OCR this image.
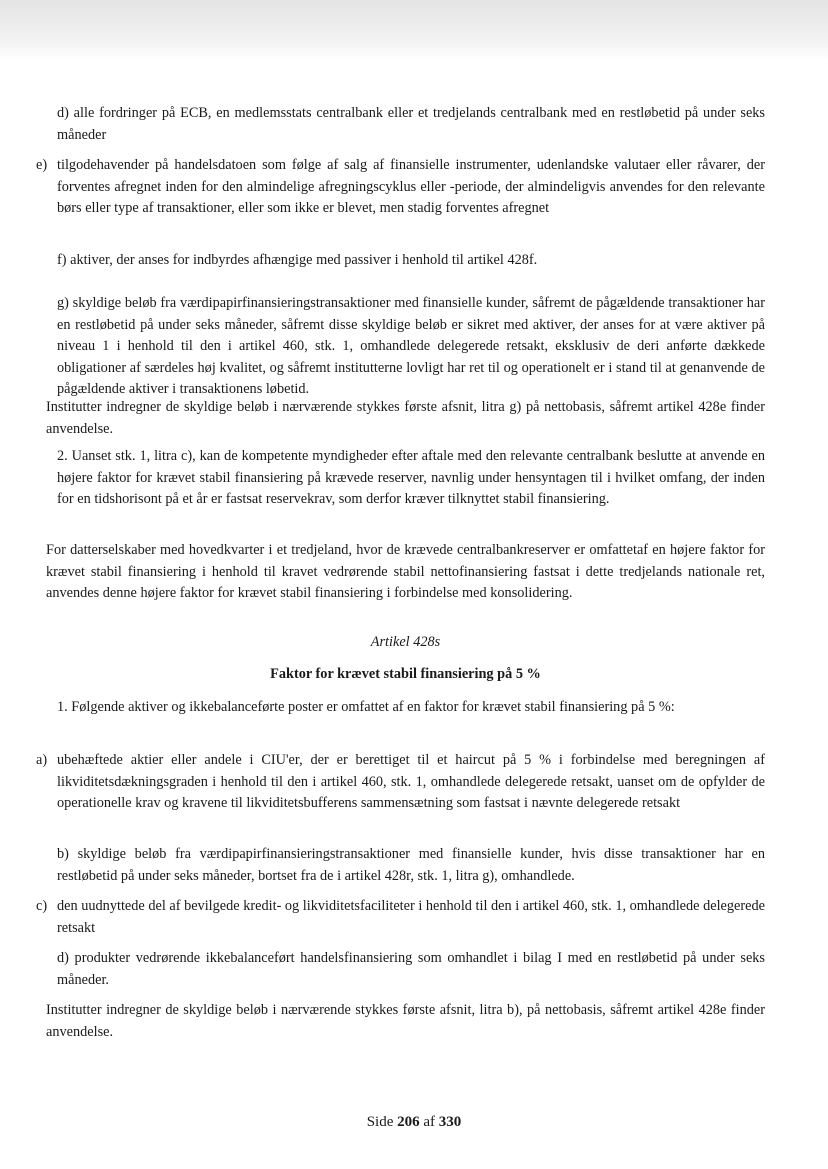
d) alle fordringer på ECB, en medlemsstats centralbank eller et tredjelands centralbank med en restløbetid på under seks måneder

e) tilgodehavender på handelsdatoen som følge af salg af finansielle instrumenter, udenlandske valutaer eller råvarer, der forventes afregnet inden for den almindelige afregningscyklus eller -periode, der almindeligvis anvendes for den relevante børs eller type af transaktioner, eller som ikke er blevet, men stadig forventes afregnet

f) aktiver, der anses for indbyrdes afhængige med passiver i henhold til artikel 428f.

g) skyldige beløb fra værdipapirfinansieringstransaktioner med finansielle kunder, såfremt de pågældende transaktioner har en restløbetid på under seks måneder, såfremt disse skyldige beløb er sikret med aktiver, der anses for at være aktiver på niveau 1 i henhold til den i artikel 460, stk. 1, omhandlede delegerede retsakt, eksklusiv de deri anførte dækkede obligationer af særdeles høj kvalitet, og såfremt institutterne lovligt har ret til og operationelt er i stand til at genanvende de pågældende aktiver i transaktionens løbetid.

Institutter indregner de skyldige beløb i nærværende stykkes første afsnit, litra g) på nettobasis, såfremt artikel 428e finder anvendelse.

2. Uanset stk. 1, litra c), kan de kompetente myndigheder efter aftale med den relevante centralbank beslutte at anvende en højere faktor for krævet stabil finansiering på krævede reserver, navnlig under hensyntagen til i hvilket omfang, der inden for en tidshorisont på et år er fastsat reservekrav, som derfor kræver tilknyttet stabil finansiering.

For datterselskaber med hovedkvarter i et tredjeland, hvor de krævede centralbankreserver er omfattetaf en højere faktor for krævet stabil finansiering i henhold til kravet vedrørende stabil nettofinansiering fastsat i dette tredjelands nationale ret, anvendes denne højere faktor for krævet stabil finansiering i forbindelse med konsolidering.

Artikel 428s
Faktor for krævet stabil finansiering på 5 %

1. Følgende aktiver og ikkebalanceførte poster er omfattet af en faktor for krævet stabil finansiering på 5 %:

a) ubehæftede aktier eller andele i CIU'er, der er berettiget til et haircut på 5 % i forbindelse med beregningen af likviditetsdækningsgraden i henhold til den i artikel 460, stk. 1, omhandlede delegerede retsakt, uanset om de opfylder de operationelle krav og kravene til likviditetsbufferens sammensætning som fastsat i nævnte delegerede retsakt

b) skyldige beløb fra værdipapirfinansieringstransaktioner med finansielle kunder, hvis disse transaktioner har en restløbetid på under seks måneder, bortset fra de i artikel 428r, stk. 1, litra g), omhandlede.

c) den uudnyttede del af bevilgede kredit- og likviditetsfaciliteter i henhold til den i artikel 460, stk. 1, omhandlede delegerede retsakt

d) produkter vedrørende ikkebalanceført handelsfinansiering som omhandlet i bilag I med en restløbetid på under seks måneder.

Institutter indregner de skyldige beløb i nærværende stykkes første afsnit, litra b), på nettobasis, såfremt artikel 428e finder anvendelse.

Side 206 af 330
